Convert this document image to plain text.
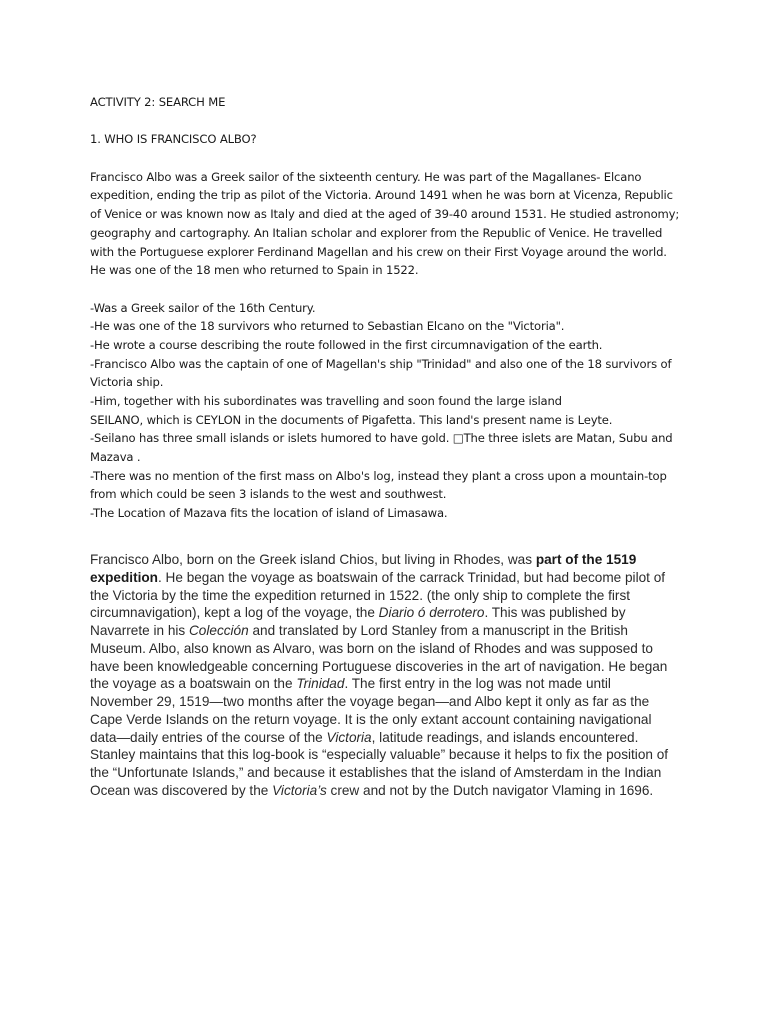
ACTIVITY 2: SEARCH ME
1. WHO IS FRANCISCO ALBO?
Francisco Albo was a Greek sailor of the sixteenth century. He was part of the Magallanes- Elcano
expedition, ending the trip as pilot of the Victoria. Around 1491 when he was born at Vicenza, Republic
of Venice or was known now as Italy and died at the aged of 39-40 around 1531. He studied astronomy;
geography and cartography. An Italian scholar and explorer from the Republic of Venice. He travelled
with the Portuguese explorer Ferdinand Magellan and his crew on their First Voyage around the world.
He was one of the 18 men who returned to Spain in 1522.
-Was a Greek sailor of the 16th Century.
-He was one of the 18 survivors who returned to Sebastian Elcano on the "Victoria".
-He wrote a course describing the route followed in the first circumnavigation of the earth.
-Francisco Albo was the captain of one of Magellan's ship "Trinidad" and also one of the 18 survivors of
Victoria ship.
-Him, together with his subordinates was travelling and soon found the large island
SEILANO, which is CEYLON in the documents of Pigafetta. This land's present name is Leyte.
-Seilano has three small islands or islets humored to have gold. □The three islets are Matan, Subu and
Mazava .
-There was no mention of the first mass on Albo's log, instead they plant a cross upon a mountain-top
from which could be seen 3 islands to the west and southwest.
-The Location of Mazava fits the location of island of Limasawa.
Francisco Albo, born on the Greek island Chios, but living in Rhodes, was part of the 1519
expedition. He began the voyage as boatswain of the carrack Trinidad, but had become pilot of
the Victoria by the time the expedition returned in 1522. (the only ship to complete the first
circumnavigation), kept a log of the voyage, the Diario ó derrotero. This was published by
Navarrete in his Colección and translated by Lord Stanley from a manuscript in the British
Museum. Albo, also known as Alvaro, was born on the island of Rhodes and was supposed to
have been knowledgeable concerning Portuguese discoveries in the art of navigation. He began
the voyage as a boatswain on the Trinidad. The first entry in the log was not made until
November 29, 1519—two months after the voyage began—and Albo kept it only as far as the
Cape Verde Islands on the return voyage. It is the only extant account containing navigational
data—daily entries of the course of the Victoria, latitude readings, and islands encountered.
Stanley maintains that this log-book is “especially valuable” because it helps to fix the position of
the “Unfortunate Islands,” and because it establishes that the island of Amsterdam in the Indian
Ocean was discovered by the Victoria’s crew and not by the Dutch navigator Vlaming in 1696.
